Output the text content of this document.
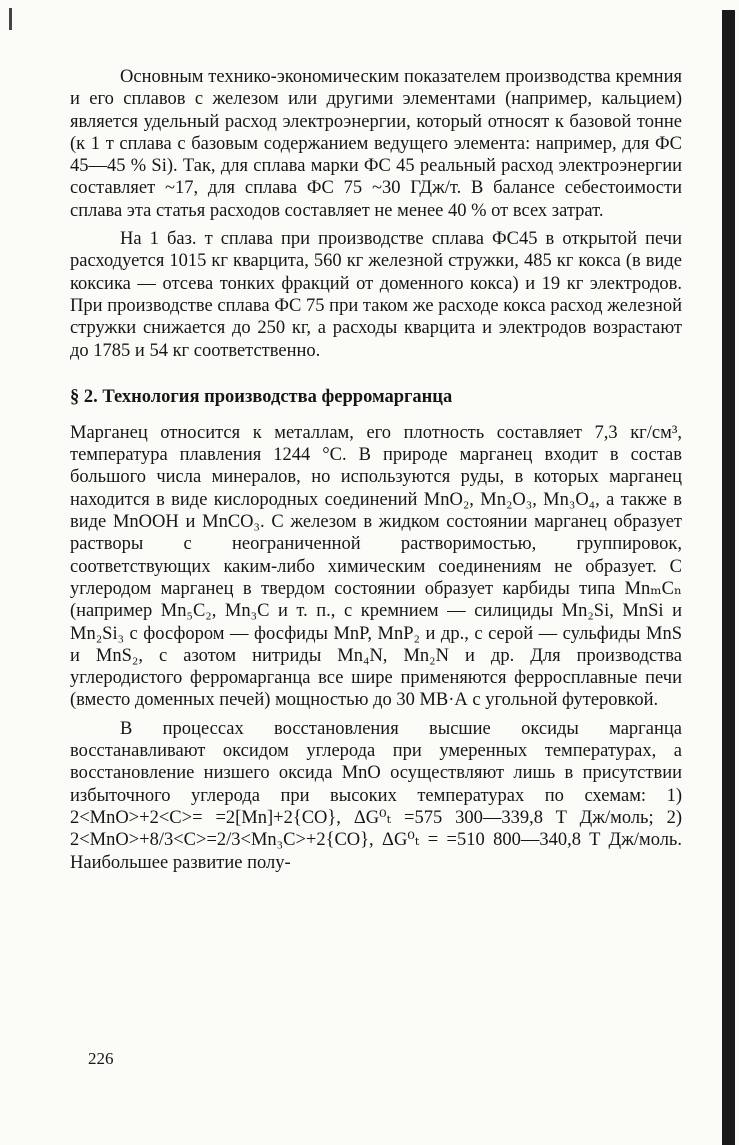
Основным технико-экономическим показателем производства кремния и его сплавов с железом или другими элементами (например, кальцием) является удельный расход электроэнергии, который относят к базовой тонне (к 1 т сплава с базовым содержанием ведущего элемента: например, для ФС 45—45 % Si). Так, для сплава марки ФС 45 реальный расход электроэнергии составляет ~17, для сплава ФС 75 ~30 ГДж/т. В балансе себестоимости сплава эта статья расходов составляет не менее 40 % от всех затрат.

На 1 баз. т сплава при производстве сплава ФС45 в открытой печи расходуется 1015 кг кварцита, 560 кг железной стружки, 485 кг кокса (в виде коксика — отсева тонких фракций от доменного кокса) и 19 кг электродов. При производстве сплава ФС 75 при таком же расходе кокса расход железной стружки снижается до 250 кг, а расходы кварцита и электродов возрастают до 1785 и 54 кг соответственно.

§ 2. Технология производства ферромарганца

Марганец относится к металлам, его плотность составляет 7,3 кг/см³, температура плавления 1244 °С. В природе марганец входит в состав большого числа минералов, но используются руды, в которых марганец находится в виде кислородных соединений MnO₂, Mn₂O₃, Mn₃O₄, а также в виде MnOOH и MnCO₃. С железом в жидком состоянии марганец образует растворы с неограниченной растворимостью, группировок, соответствующих каким-либо химическим соединениям не образует. С углеродом марганец в твердом состоянии образует карбиды типа MnₘCₙ (например Mn₅C₂, Mn₃C и т. п., с кремнием — силициды Mn₂Si, MnSi и Mn₂Si₃ с фосфором — фосфиды MnP, MnP₂ и др., с серой — сульфиды MnS и MnS₂, с азотом нитриды Mn₄N, Mn₂N и др. Для производства углеродистого ферромарганца все шире применяются ферросплавные печи (вместо доменных печей) мощностью до 30 МВ·А с угольной футеровкой.

В процессах восстановления высшие оксиды марганца восстанавливают оксидом углерода при умеренных температурах, а восстановление низшего оксида MnO осуществляют лишь в присутствии избыточного углерода при высоких температурах по схемам: 1) 2<MnO>+2<C>= =2[Mn]+2{CO}, ΔG⁰ₜ =575 300—339,8 T Дж/моль; 2) 2<MnO>+8/3<C>=2/3<Mn₃C>+2{CO}, ΔG⁰ₜ = =510 800—340,8 T Дж/моль. Наибольшее развитие полу-

226
